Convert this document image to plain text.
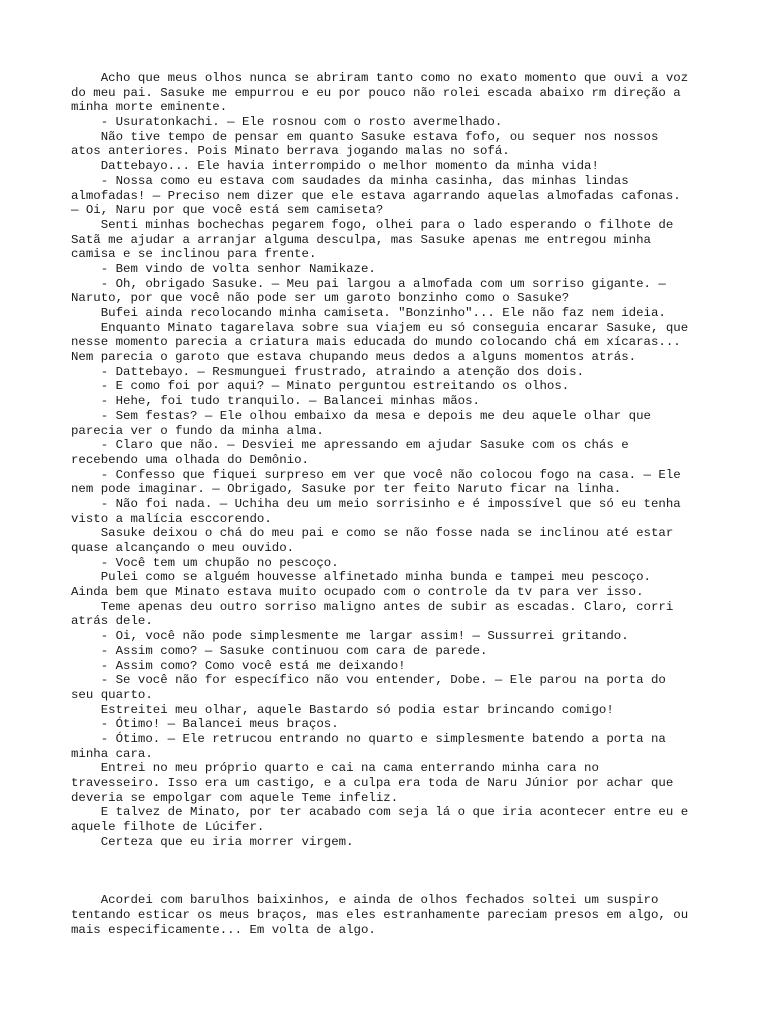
Acho que meus olhos nunca se abriram tanto como no exato momento que ouvi a voz
do meu pai. Sasuke me empurrou e eu por pouco não rolei escada abaixo rm direção a
minha morte eminente.
- Usuratonkachi. — Ele rosnou com o rosto avermelhado.
Não tive tempo de pensar em quanto Sasuke estava fofo, ou sequer nos nossos
atos anteriores. Pois Minato berrava jogando malas no sofá.
Dattebayo... Ele havia interrompido o melhor momento da minha vida!
- Nossa como eu estava com saudades da minha casinha, das minhas lindas
almofadas! — Preciso nem dizer que ele estava agarrando aquelas almofadas cafonas.
— Oi, Naru por que você está sem camiseta?
Senti minhas bochechas pegarem fogo, olhei para o lado esperando o filhote de
Satã me ajudar a arranjar alguma desculpa, mas Sasuke apenas me entregou minha
camisa e se inclinou para frente.
- Bem vindo de volta senhor Namikaze.
- Oh, obrigado Sasuke. — Meu pai largou a almofada com um sorriso gigante. —
Naruto, por que você não pode ser um garoto bonzinho como o Sasuke?
Bufei ainda recolocando minha camiseta. "Bonzinho"... Ele não faz nem ideia.
Enquanto Minato tagarelava sobre sua viajem eu só conseguia encarar Sasuke, que
nesse momento parecia a criatura mais educada do mundo colocando chá em xícaras...
Nem parecia o garoto que estava chupando meus dedos a alguns momentos atrás.
- Dattebayo. — Resmunguei frustrado, atraindo a atenção dos dois.
- E como foi por aqui? — Minato perguntou estreitando os olhos.
- Hehe, foi tudo tranquilo. — Balancei minhas mãos.
- Sem festas? — Ele olhou embaixo da mesa e depois me deu aquele olhar que
parecia ver o fundo da minha alma.
- Claro que não. — Desviei me apressando em ajudar Sasuke com os chás e
recebendo uma olhada do Demônio.
- Confesso que fiquei surpreso em ver que você não colocou fogo na casa. — Ele
nem pode imaginar. — Obrigado, Sasuke por ter feito Naruto ficar na linha.
- Não foi nada. — Uchiha deu um meio sorrisinho e é impossível que só eu tenha
visto a malícia esccorendo.
Sasuke deixou o chá do meu pai e como se não fosse nada se inclinou até estar
quase alcançando o meu ouvido.
- Você tem um chupão no pescoço.
Pulei como se alguém houvesse alfinetado minha bunda e tampei meu pescoço.
Ainda bem que Minato estava muito ocupado com o controle da tv para ver isso.
Teme apenas deu outro sorriso maligno antes de subir as escadas. Claro, corri
atrás dele.
- Oi, você não pode simplesmente me largar assim! — Sussurrei gritando.
- Assim como? — Sasuke continuou com cara de parede.
- Assim como? Como você está me deixando!
- Se você não for específico não vou entender, Dobe. — Ele parou na porta do
seu quarto.
Estreitei meu olhar, aquele Bastardo só podia estar brincando comigo!
- Ótimo! — Balancei meus braços.
- Ótimo. — Ele retrucou entrando no quarto e simplesmente batendo a porta na
minha cara.
Entrei no meu próprio quarto e cai na cama enterrando minha cara no
travesseiro. Isso era um castigo, e a culpa era toda de Naru Júnior por achar que
deveria se empolgar com aquele Teme infeliz.
E talvez de Minato, por ter acabado com seja lá o que iria acontecer entre eu e
aquele filhote de Lúcifer.
Certeza que eu iria morrer virgem.
Acordei com barulhos baixinhos, e ainda de olhos fechados soltei um suspiro
tentando esticar os meus braços, mas eles estranhamente pareciam presos em algo, ou
mais especificamente... Em volta de algo.
